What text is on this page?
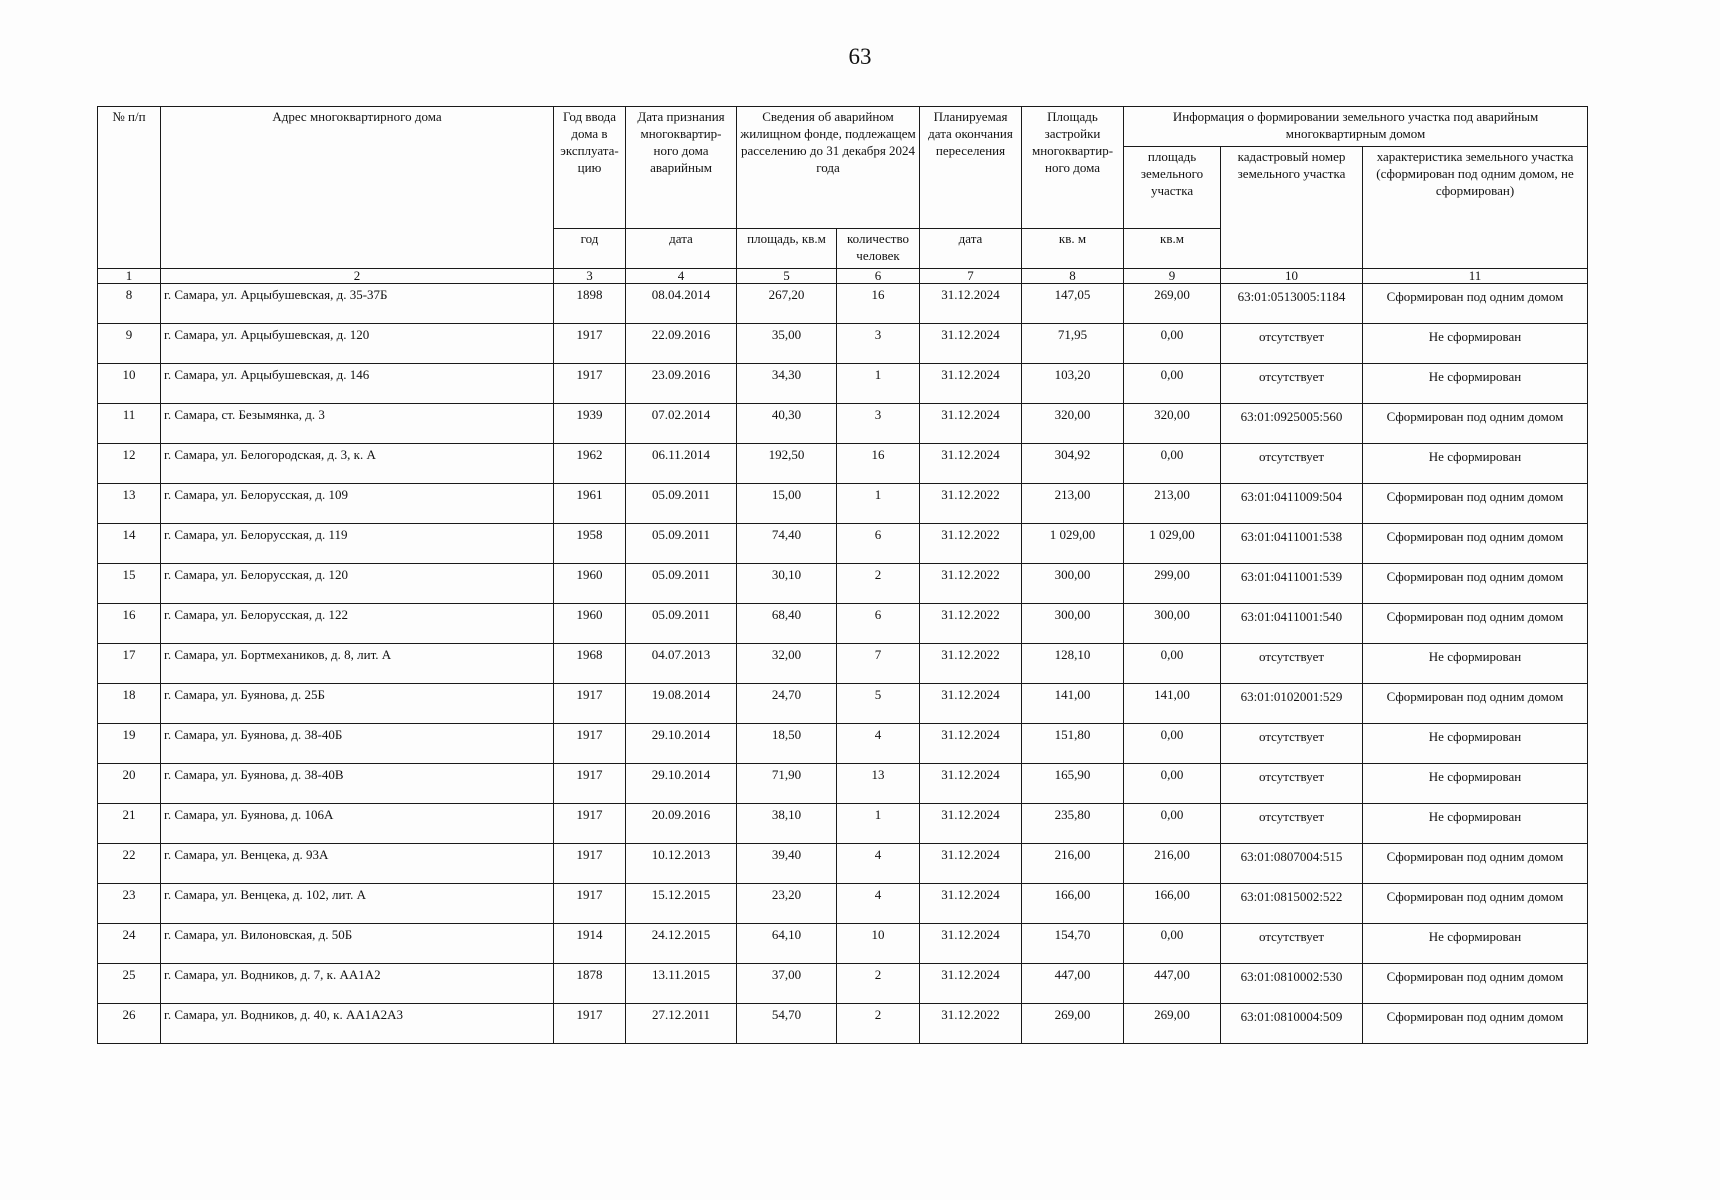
63
№ п/п	Адрес многоквартирного дома	Год ввода дома в эксплуата- цию	Дата признания многоквартир- ного дома аварийным	Сведения об аварийном жилищном фонде, подлежащем расселению до 31 декабря 2024 года		Планируемая дата окончания переселения	Площадь застройки многоквартир- ного дома	Информация о формировании земельного участка под аварийным многоквартирным домом		
								площадь земельного участка	кадастровый номер земельного участка	характеристика земельного участка (сформирован под одним домом, не сформирован)
		год	дата	площадь, кв.м	количество человек	дата	кв. м	кв.м		
1	2	3	4	5	6	7	8	9	10	11
8	г. Самара, ул. Арцыбушевская, д. 35-37Б	1898	08.04.2014	267,20	16	31.12.2024	147,05	269,00	63:01:0513005:1184	Сформирован под одним домом
9	г. Самара, ул. Арцыбушевская, д. 120	1917	22.09.2016	35,00	3	31.12.2024	71,95	0,00	отсутствует	Не сформирован
10	г. Самара, ул. Арцыбушевская, д. 146	1917	23.09.2016	34,30	1	31.12.2024	103,20	0,00	отсутствует	Не сформирован
11	г. Самара, ст. Безымянка, д. 3	1939	07.02.2014	40,30	3	31.12.2024	320,00	320,00	63:01:0925005:560	Сформирован под одним домом
12	г. Самара, ул. Белогородская, д. 3, к. А	1962	06.11.2014	192,50	16	31.12.2024	304,92	0,00	отсутствует	Не сформирован
13	г. Самара, ул. Белорусская, д. 109	1961	05.09.2011	15,00	1	31.12.2022	213,00	213,00	63:01:0411009:504	Сформирован под одним домом
14	г. Самара, ул. Белорусская, д. 119	1958	05.09.2011	74,40	6	31.12.2022	1 029,00	1 029,00	63:01:0411001:538	Сформирован под одним домом
15	г. Самара, ул. Белорусская, д. 120	1960	05.09.2011	30,10	2	31.12.2022	300,00	299,00	63:01:0411001:539	Сформирован под одним домом
16	г. Самара, ул. Белорусская, д. 122	1960	05.09.2011	68,40	6	31.12.2022	300,00	300,00	63:01:0411001:540	Сформирован под одним домом
17	г. Самара, ул. Бортмехаников, д. 8, лит. А	1968	04.07.2013	32,00	7	31.12.2022	128,10	0,00	отсутствует	Не сформирован
18	г. Самара, ул. Буянова, д. 25Б	1917	19.08.2014	24,70	5	31.12.2024	141,00	141,00	63:01:0102001:529	Сформирован под одним домом
19	г. Самара, ул. Буянова, д. 38-40Б	1917	29.10.2014	18,50	4	31.12.2024	151,80	0,00	отсутствует	Не сформирован
20	г. Самара, ул. Буянова, д. 38-40В	1917	29.10.2014	71,90	13	31.12.2024	165,90	0,00	отсутствует	Не сформирован
21	г. Самара, ул. Буянова, д. 106А	1917	20.09.2016	38,10	1	31.12.2024	235,80	0,00	отсутствует	Не сформирован
22	г. Самара, ул. Венцека, д. 93А	1917	10.12.2013	39,40	4	31.12.2024	216,00	216,00	63:01:0807004:515	Сформирован под одним домом
23	г. Самара, ул. Венцека, д. 102, лит. А	1917	15.12.2015	23,20	4	31.12.2024	166,00	166,00	63:01:0815002:522	Сформирован под одним домом
24	г. Самара, ул. Вилоновская, д. 50Б	1914	24.12.2015	64,10	10	31.12.2024	154,70	0,00	отсутствует	Не сформирован
25	г. Самара, ул. Водников, д. 7, к. АА1А2	1878	13.11.2015	37,00	2	31.12.2024	447,00	447,00	63:01:0810002:530	Сформирован под одним домом
26	г. Самара, ул. Водников, д. 40, к. АА1А2А3	1917	27.12.2011	54,70	2	31.12.2022	269,00	269,00	63:01:0810004:509	Сформирован под одним домом
